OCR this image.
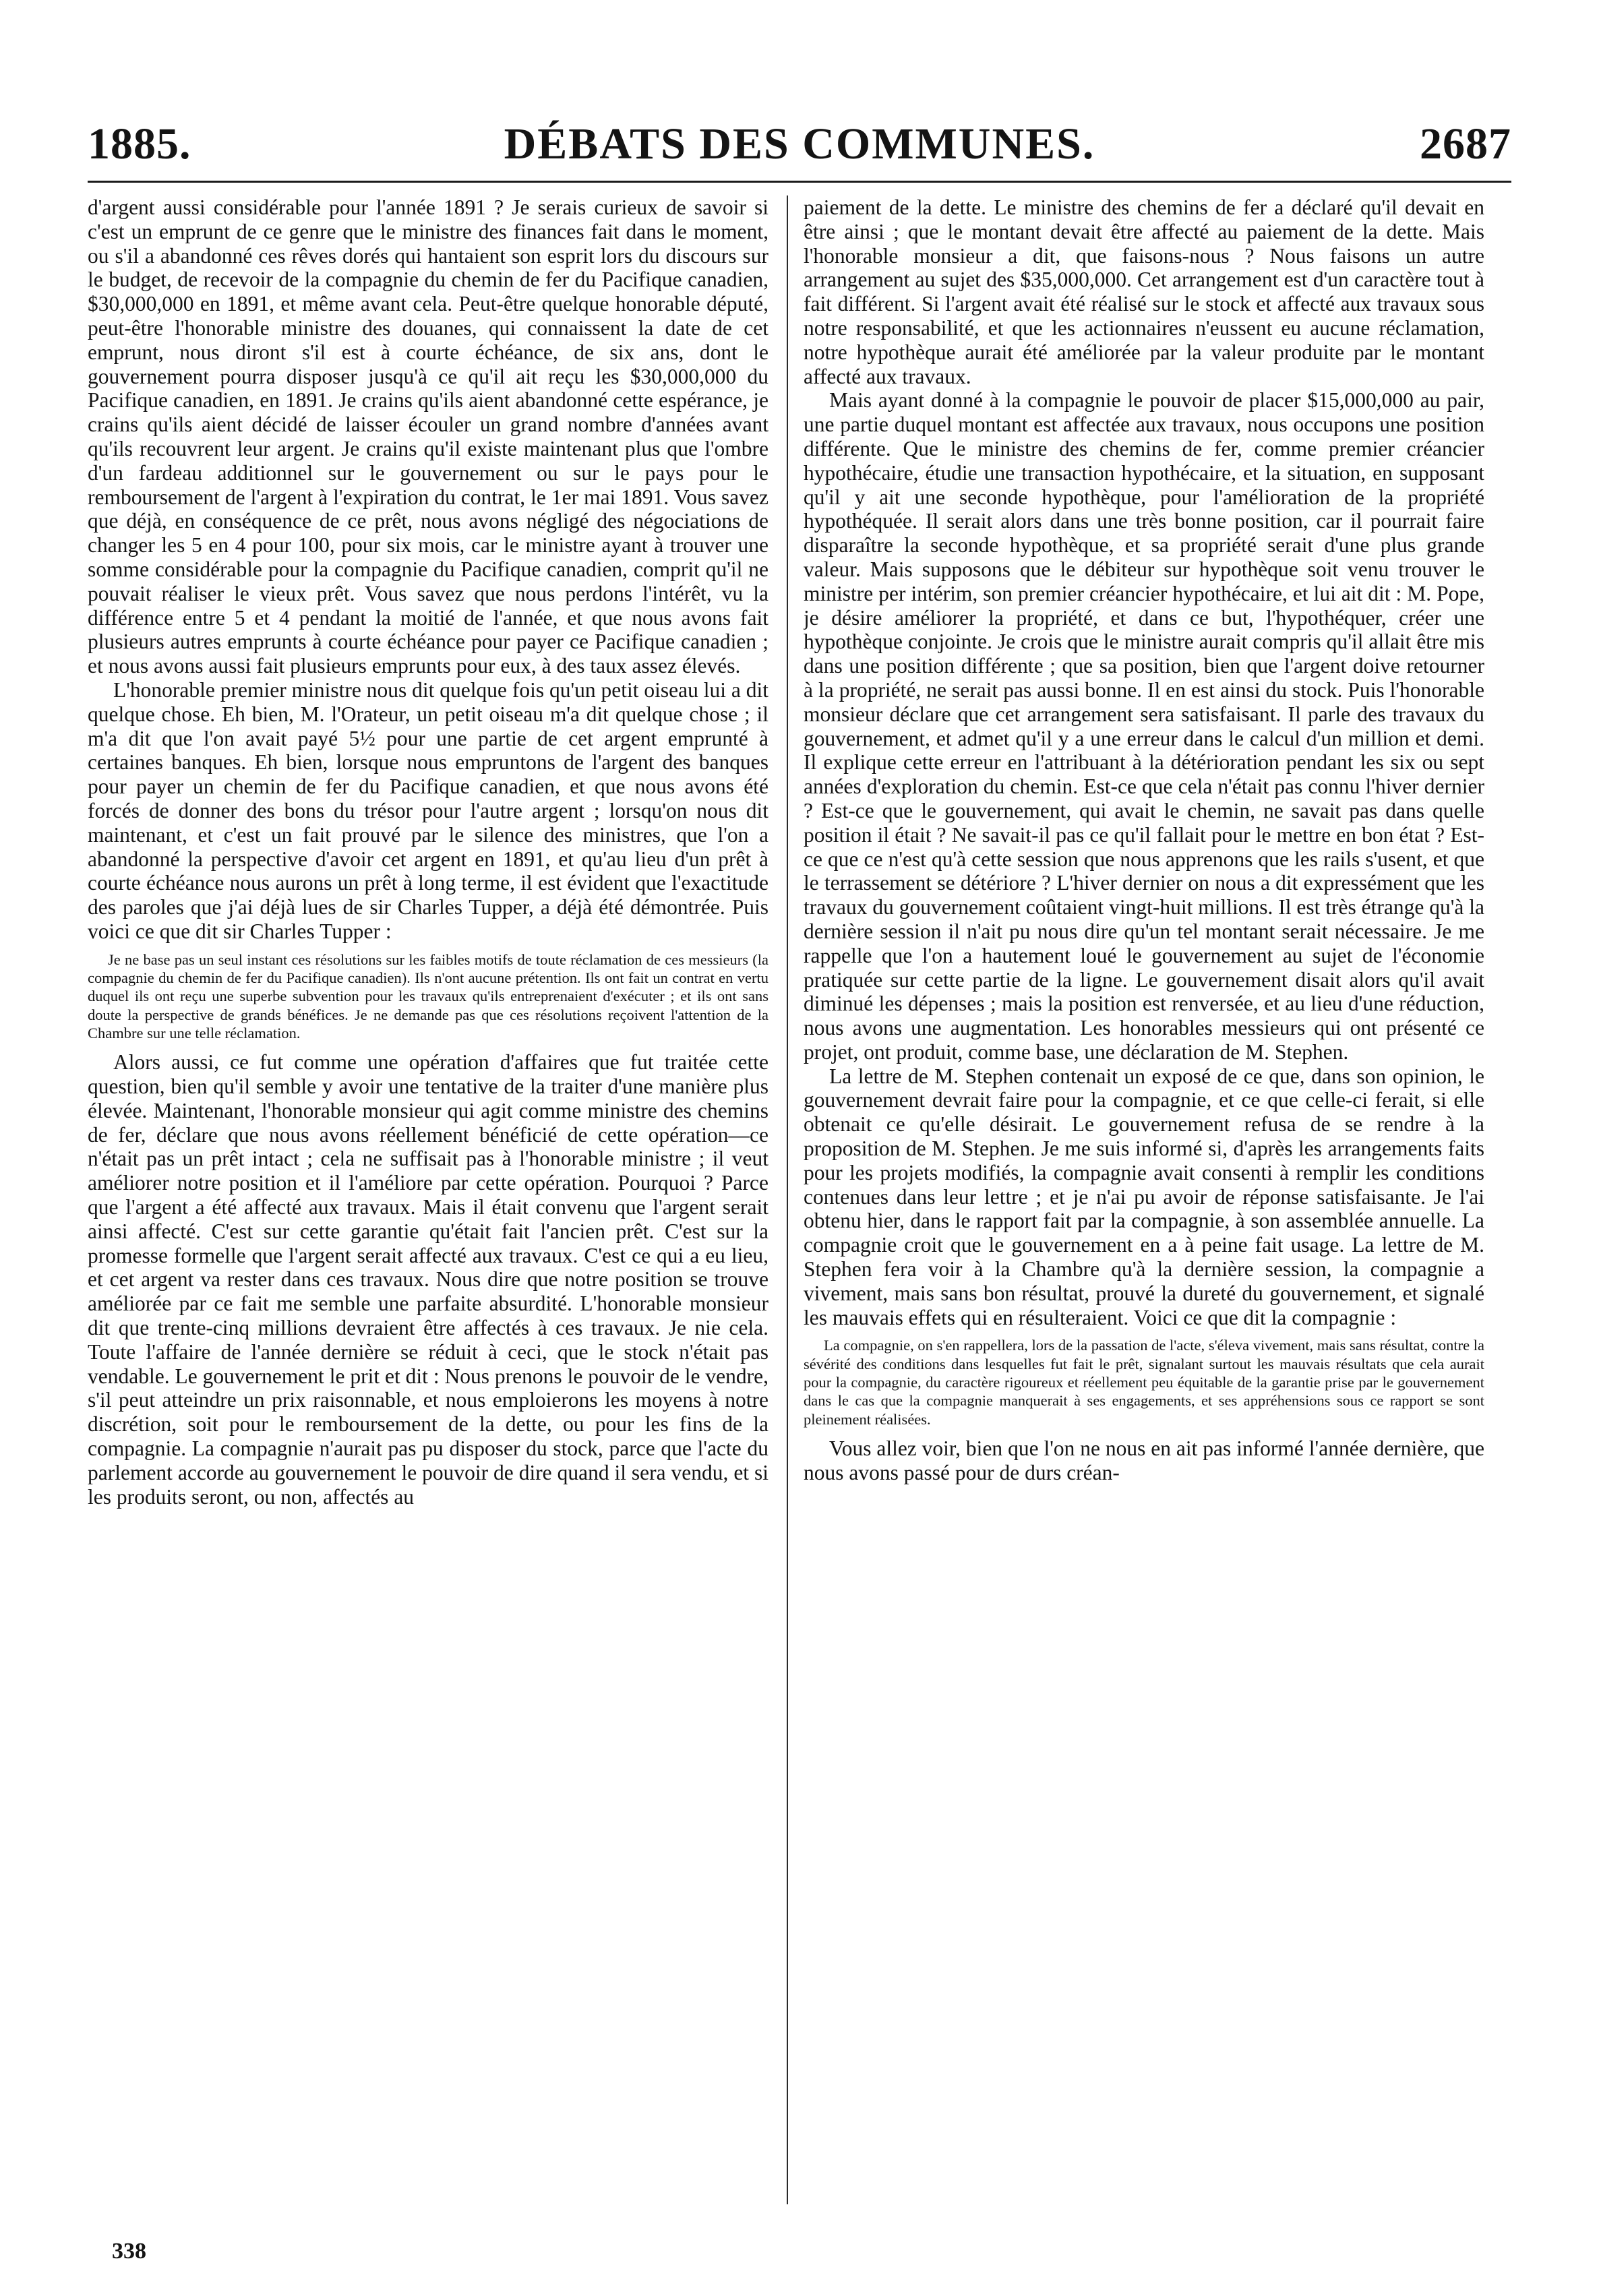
DÉBATS DES COMMUNES.
1885.	2687

d'argent aussi considérable pour l'année 1891 ? Je serais curieux de savoir si c'est un emprunt de ce genre que le ministre des finances fait dans le moment, ou s'il a abandonné ces rêves dorés qui hantaient son esprit lors du discours sur le budget, de recevoir de la compagnie du chemin de fer du Pacifique canadien, $30,000,000 en 1891, et même avant cela. Peut-être quelque honorable député, peut-être l'honorable ministre des douanes, qui connaissent la date de cet emprunt, nous diront s'il est à courte échéance, de six ans, dont le gouvernement pourra disposer jusqu'à ce qu'il ait reçu les $30,000,000 du Pacifique canadien, en 1891. Je crains qu'ils aient abandonné cette espérance, je crains qu'ils aient décidé de laisser écouler un grand nombre d'années avant qu'ils recouvrent leur argent. Je crains qu'il existe maintenant plus que l'ombre d'un fardeau additionnel sur le gouvernement ou sur le pays pour le remboursement de l'argent à l'expiration du contrat, le 1er mai 1891. Vous savez que déjà, en conséquence de ce prêt, nous avons négligé des négociations de changer les 5 en 4 pour 100, pour six mois, car le ministre ayant à trouver une somme considérable pour la compagnie du Pacifique canadien, comprit qu'il ne pouvait réaliser le vieux prêt. Vous savez que nous perdons l'intérêt, vu la différence entre 5 et 4 pendant la moitié de l'année, et que nous avons fait plusieurs autres emprunts à courte échéance pour payer ce Pacifique canadien ; et nous avons aussi fait plusieurs emprunts pour eux, à des taux assez élevés.

L'honorable premier ministre nous dit quelque fois qu'un petit oiseau lui a dit quelque chose. Eh bien, M. l'Orateur, un petit oiseau m'a dit quelque chose ; il m'a dit que l'on avait payé 5½ pour une partie de cet argent emprunté à certaines banques. Eh bien, lorsque nous empruntons de l'argent des banques pour payer un chemin de fer du Pacifique canadien, et que nous avons été forcés de donner des bons du trésor pour l'autre argent ; lorsqu'on nous dit maintenant, et c'est un fait prouvé par le silence des ministres, que l'on a abandonné la perspective d'avoir cet argent en 1891, et qu'au lieu d'un prêt à courte échéance nous aurons un prêt à long terme, il est évident que l'exactitude des paroles que j'ai déjà lues de sir Charles Tupper, a déjà été démontrée. Puis voici ce que dit sir Charles Tupper :

Je ne base pas un seul instant ces résolutions sur les faibles motifs de toute réclamation de ces messieurs (la compagnie du chemin de fer du Pacifique canadien). Ils n'ont aucune prétention. Ils ont fait un contrat en vertu duquel ils ont reçu une superbe subvention pour les travaux qu'ils entreprenaient d'exécuter ; et ils ont sans doute la perspective de grands bénéfices. Je ne demande pas que ces résolutions reçoivent l'attention de la Chambre sur une telle réclamation.

Alors aussi, ce fut comme une opération d'affaires que fut traitée cette question, bien qu'il semble y avoir une tentative de la traiter d'une manière plus élevée. Maintenant, l'honorable monsieur qui agit comme ministre des chemins de fer, déclare que nous avons réellement bénéficié de cette opération—ce n'était pas un prêt intact ; cela ne suffisait pas à l'honorable ministre ; il veut améliorer notre position et il l'améliore par cette opération. Pourquoi ? Parce que l'argent a été affecté aux travaux. Mais il était convenu que l'argent serait ainsi affecté. C'est sur cette garantie qu'était fait l'ancien prêt. C'est sur la promesse formelle que l'argent serait affecté aux travaux. C'est ce qui a eu lieu, et cet argent va rester dans ces travaux. Nous dire que notre position se trouve améliorée par ce fait me semble une parfaite absurdité. L'honorable monsieur dit que trente-cinq millions devraient être affectés à ces travaux. Je nie cela. Toute l'affaire de l'année dernière se réduit à ceci, que le stock n'était pas vendable. Le gouvernement le prit et dit : Nous prenons le pouvoir de le vendre, s'il peut atteindre un prix raisonnable, et nous emploierons les moyens à notre discrétion, soit pour le remboursement de la dette, ou pour les fins de la compagnie. La compagnie n'aurait pas pu disposer du stock, parce que l'acte du parlement accorde au gouvernement le pouvoir de dire quand il sera vendu, et si les produits seront, ou non, affectés au

paiement de la dette. Le ministre des chemins de fer a déclaré qu'il devait en être ainsi ; que le montant devait être affecté au paiement de la dette. Mais l'honorable monsieur a dit, que faisons-nous ? Nous faisons un autre arrangement au sujet des $35,000,000. Cet arrangement est d'un caractère tout à fait différent. Si l'argent avait été réalisé sur le stock et affecté aux travaux sous notre responsabilité, et que les actionnaires n'eussent eu aucune réclamation, notre hypothèque aurait été améliorée par la valeur produite par le montant affecté aux travaux.

Mais ayant donné à la compagnie le pouvoir de placer $15,000,000 au pair, une partie duquel montant est affectée aux travaux, nous occupons une position différente. Que le ministre des chemins de fer, comme premier créancier hypothécaire, étudie une transaction hypothécaire, et la situation, en supposant qu'il y ait une seconde hypothèque, pour l'amélioration de la propriété hypothéquée. Il serait alors dans une très bonne position, car il pourrait faire disparaître la seconde hypothèque, et sa propriété serait d'une plus grande valeur. Mais supposons que le débiteur sur hypothèque soit venu trouver le ministre per intérim, son premier créancier hypothécaire, et lui ait dit : M. Pope, je désire améliorer la propriété, et dans ce but, l'hypothéquer, créer une hypothèque conjointe. Je crois que le ministre aurait compris qu'il allait être mis dans une position différente ; que sa position, bien que l'argent doive retourner à la propriété, ne serait pas aussi bonne. Il en est ainsi du stock. Puis l'honorable monsieur déclare que cet arrangement sera satisfaisant. Il parle des travaux du gouvernement, et admet qu'il y a une erreur dans le calcul d'un million et demi. Il explique cette erreur en l'attribuant à la détérioration pendant les six ou sept années d'exploration du chemin. Est-ce que cela n'était pas connu l'hiver dernier ? Est-ce que le gouvernement, qui avait le chemin, ne savait pas dans quelle position il était ? Ne savait-il pas ce qu'il fallait pour le mettre en bon état ? Est-ce que ce n'est qu'à cette session que nous apprenons que les rails s'usent, et que le terrassement se détériore ? L'hiver dernier on nous a dit expressément que les travaux du gouvernement coûtaient vingt-huit millions. Il est très étrange qu'à la dernière session il n'ait pu nous dire qu'un tel montant serait nécessaire. Je me rappelle que l'on a hautement loué le gouvernement au sujet de l'économie pratiquée sur cette partie de la ligne. Le gouvernement disait alors qu'il avait diminué les dépenses ; mais la position est renversée, et au lieu d'une réduction, nous avons une augmentation. Les honorables messieurs qui ont présenté ce projet, ont produit, comme base, une déclaration de M. Stephen.

La lettre de M. Stephen contenait un exposé de ce que, dans son opinion, le gouvernement devrait faire pour la compagnie, et ce que celle-ci ferait, si elle obtenait ce qu'elle désirait. Le gouvernement refusa de se rendre à la proposition de M. Stephen. Je me suis informé si, d'après les arrangements faits pour les projets modifiés, la compagnie avait consenti à remplir les conditions contenues dans leur lettre ; et je n'ai pu avoir de réponse satisfaisante. Je l'ai obtenu hier, dans le rapport fait par la compagnie, à son assemblée annuelle. La compagnie croit que le gouvernement en a à peine fait usage. La lettre de M. Stephen fera voir à la Chambre qu'à la dernière session, la compagnie a vivement, mais sans bon résultat, prouvé la dureté du gouvernement, et signalé les mauvais effets qui en résulteraient. Voici ce que dit la compagnie :

La compagnie, on s'en rappellera, lors de la passation de l'acte, s'éleva vivement, mais sans résultat, contre la sévérité des conditions dans lesquelles fut fait le prêt, signalant surtout les mauvais résultats que cela aurait pour la compagnie, du caractère rigoureux et réellement peu équitable de la garantie prise par le gouvernement dans le cas que la compagnie manquerait à ses engagements, et ses appréhensions sous ce rapport se sont pleinement réalisées.

Vous allez voir, bien que l'on ne nous en ait pas informé l'année dernière, que nous avons passé pour de durs créan-

338
